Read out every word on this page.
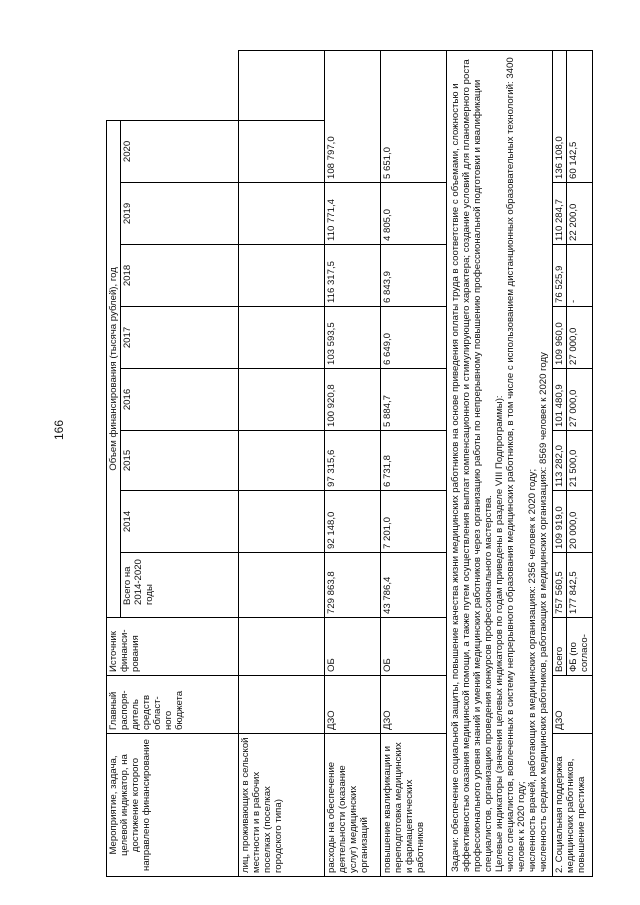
166
Мероприятие, задача, целевой индикатор, на достижение которого направлено финансирование	Главный распоря-дитель средств област-ного бюджета	Источник финанси-рования	Объем финансирования (тысяча рублей), год								
			Всего на 2014-2020 годы	2014	2015	2016	2017	2018	2019	2020	
лиц, проживающих в сельской местности и в рабочих поселках (поселках городского типа)											
расходы на обеспечение деятельности (оказание услуг) медицинских организаций	ДЗО	ОБ	729 863,8	92 148,0	97 315,6	100 920,8	103 593,5	116 317,5	110 771,4	108 797,0	
повышение квалификации и переподготовка медицинских и фармацевтических работников	ДЗО	ОБ	43 786,4	7 201,0	6 731,8	5 884,7	6 649,0	6 843,9	4 805,0	5 651,0	

Задачи: обеспечение социальной защиты, повышение качества жизни медицинских работников на основе приведения оплаты труда в соответствие с объемами, сложностью и эффективностью оказания медицинской помощи, а также путем осуществления выплат компенсационного и стимулирующего характера; создание условий для планомерного роста профессионального уровня знаний и умений медицинских работников через организацию работы по непрерывному повышению профессиональной подготовки и квалификации специалистов, организацию проведения конкурсов профессионального мастерства. Целевые индикаторы (значения целевых индикаторов по годам приведены в разделе VIII Подпрограммы): число специалистов, вовлеченных в систему непрерывного образования медицинских работников, в том числе с использованием дистанционных образовательных технологий: 3400 человек к 2020 году; численность врачей, работающих в медицинских организациях: 2356 человек к 2020 году; численность средних медицинских работников, работающих в медицинских организациях: 8569 человек к 2020 году											

2. Социальная поддержка медицинских работников, повышение престижа	ДЗО	Всего	757 560,5	109 919,0	113 282,0	101 480,9	109 960,0	76 525,9	110 284,7	136 108,0	
		ФБ (по согласо-	177 842,5	20 000,0	21 500,0	27 000,0	27 000,0	-	22 200,0	60 142,5	
